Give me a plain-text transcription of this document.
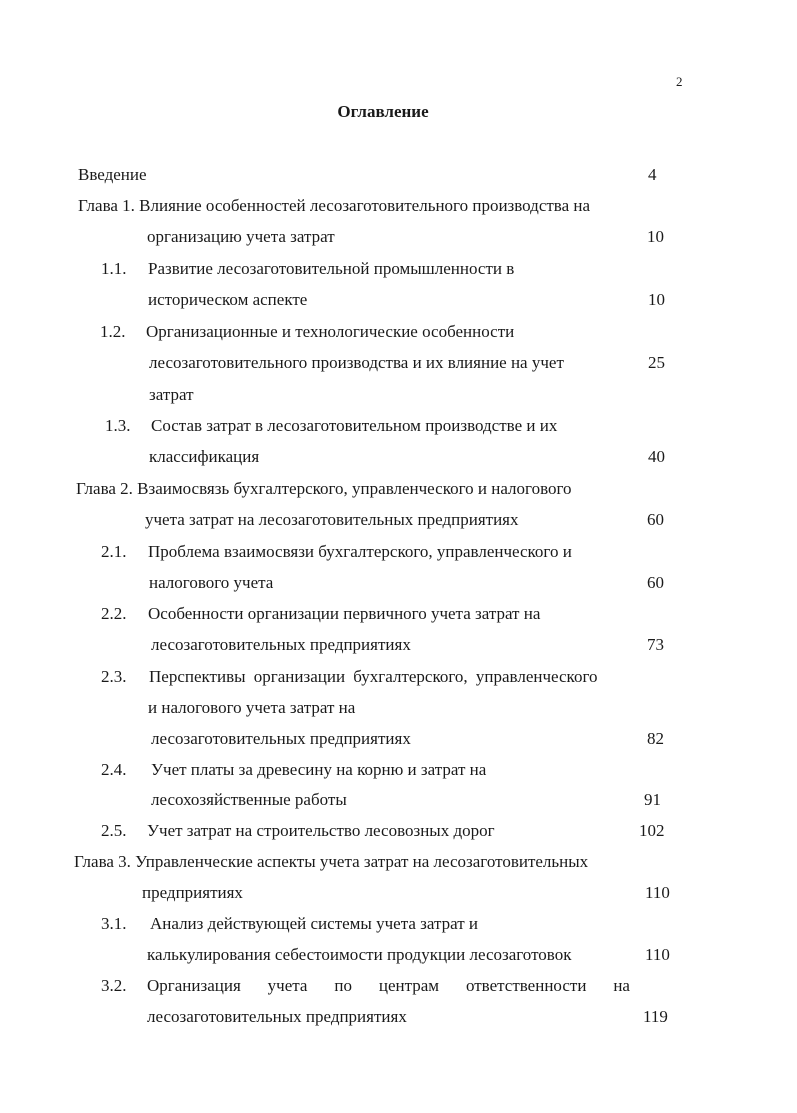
2
Оглавление
Введение	4
Глава 1. Влияние особенностей лесозаготовительного производства на
организацию учета затрат	10
1.1. Развитие лесозаготовительной промышленности в
историческом аспекте	10
1.2. Организационные и технологические особенности
лесозаготовительного производства и их влияние на учет	25
затрат
1.3. Состав затрат в лесозаготовительном производстве и их
классификация	40
Глава 2. Взаимосвязь бухгалтерского, управленческого и налогового
учета затрат на лесозаготовительных предприятиях	60
2.1. Проблема взаимосвязи бухгалтерского, управленческого и
налогового учета	60
2.2. Особенности организации первичного учета затрат на
лесозаготовительных предприятиях	73
2.3. Перспективы организации бухгалтерского, управленческого
и налогового учета затрат на
лесозаготовительных предприятиях	82
2.4. Учет платы за древесину на корню и затрат на
лесохозяйственные работы	91
2.5. Учет затрат на строительство лесовозных дорог	102
Глава 3. Управленческие аспекты учета затрат на лесозаготовительных
предприятиях	110
3.1. Анализ действующей системы учета затрат и
калькулирования себестоимости продукции лесозаготовок	110
3.2. Организация учета по центрам ответственности на
лесозаготовительных предприятиях	119
